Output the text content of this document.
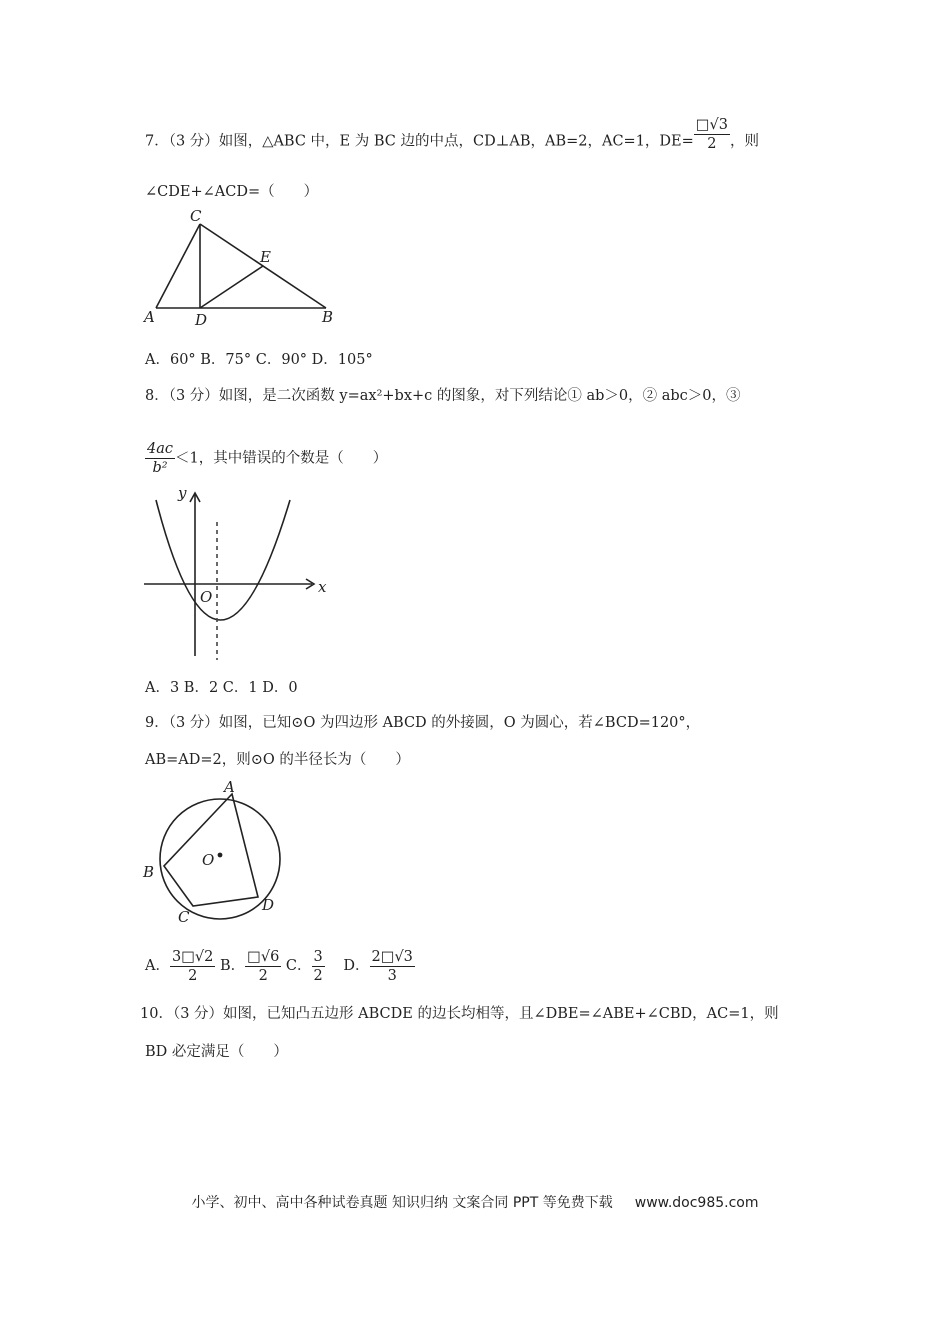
7．（3 分）如图，△ABC 中，E 为 BC 边的中点，CD⊥AB，AB=2，AC=1，$DE= \frac{□√3}{2}$ ，则
∠CDE+∠ACD=（　　）
C
E
A	D	B
A．60° B．75° C．90° D．105°
8．（3 分）如图，是二次函数 y=ax²+bx+c 的图象，对下列结论① ab＞0，② abc＞0，③
$\frac{4ac}{\text{b²}} <1$，其中错误的个数是（　　）
y
x
O
A．3 B．2 C．1 D．0
9．（3 分）如图，已知⊙O 为四边形 ABCD 的外接圆，O 为圆心，若∠BCD=120°，
AB=AD=2，则⊙O 的半径长为（　　）
A
B
C
D
O
A． $\frac{3□√2}{2}$ B． $\frac{□√6}{2}$ C． $\frac{3}{2}$ D． $\frac{2□√3}{3}$
10．（3 分）如图，已知凸五边形 ABCDE 的边长均相等，且∠DBE=∠ABE+∠CBD，AC=1，则
BD 必定满足（　　）
小学、初中、高中各种试卷真题 知识归纳 文案合同 PPT 等免费下载 www.doc985.com
